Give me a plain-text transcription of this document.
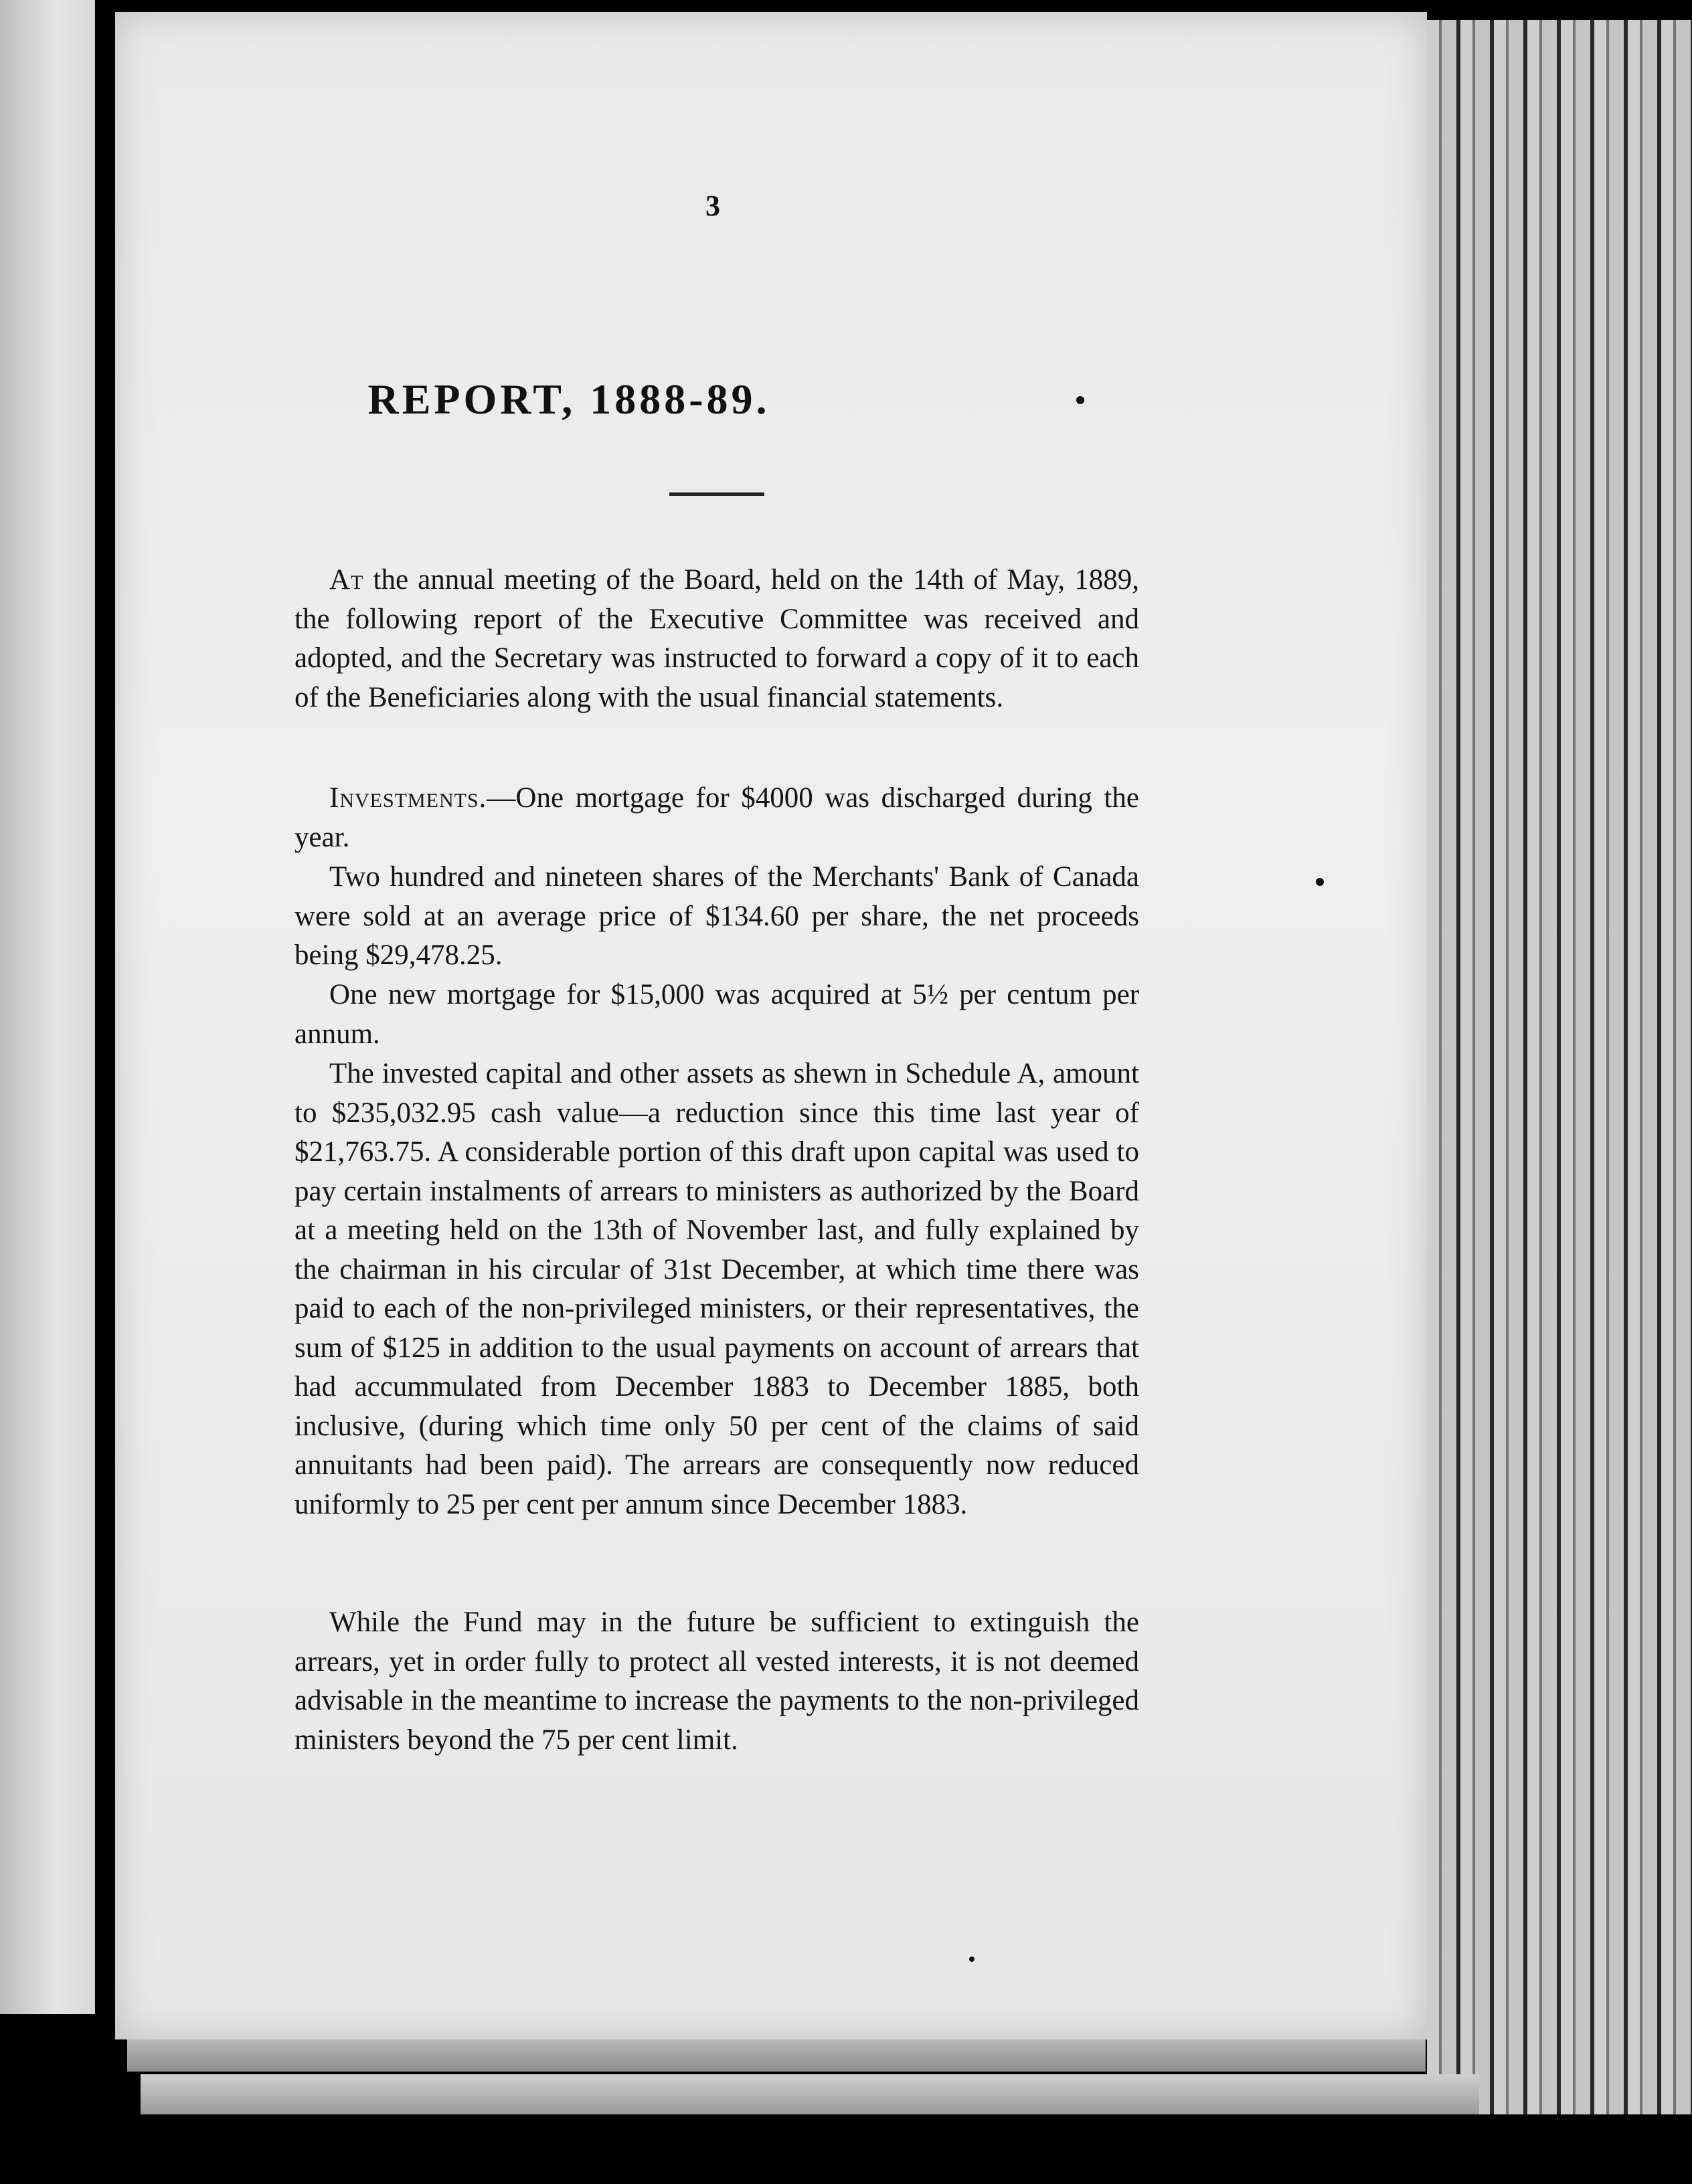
3
REPORT, 1888-89.
At the annual meeting of the Board, held on the 14th of May, 1889, the following report of the Executive Committee was received and adopted, and the Secretary was instructed to forward a copy of it to each of the Beneficiaries along with the usual financial statements.
Investments.—One mortgage for $4000 was discharged during the year.
Two hundred and nineteen shares of the Merchants' Bank of Canada were sold at an average price of $134.60 per share, the net proceeds being $29,478.25.
One new mortgage for $15,000 was acquired at 5½ per centum per annum.
The invested capital and other assets as shewn in Schedule A, amount to $235,032.95 cash value—a reduction since this time last year of $21,763.75. A considerable portion of this draft upon capital was used to pay certain instalments of arrears to ministers as authorized by the Board at a meeting held on the 13th of November last, and fully explained by the chairman in his circular of 31st December, at which time there was paid to each of the non-privileged ministers, or their representatives, the sum of $125 in addition to the usual payments on account of arrears that had accummulated from December 1883 to December 1885, both inclusive, (during which time only 50 per cent of the claims of said annuitants had been paid). The arrears are consequently now reduced uniformly to 25 per cent per annum since December 1883.
While the Fund may in the future be sufficient to extinguish the arrears, yet in order fully to protect all vested interests, it is not deemed advisable in the meantime to increase the payments to the non-privileged ministers beyond the 75 per cent limit.
